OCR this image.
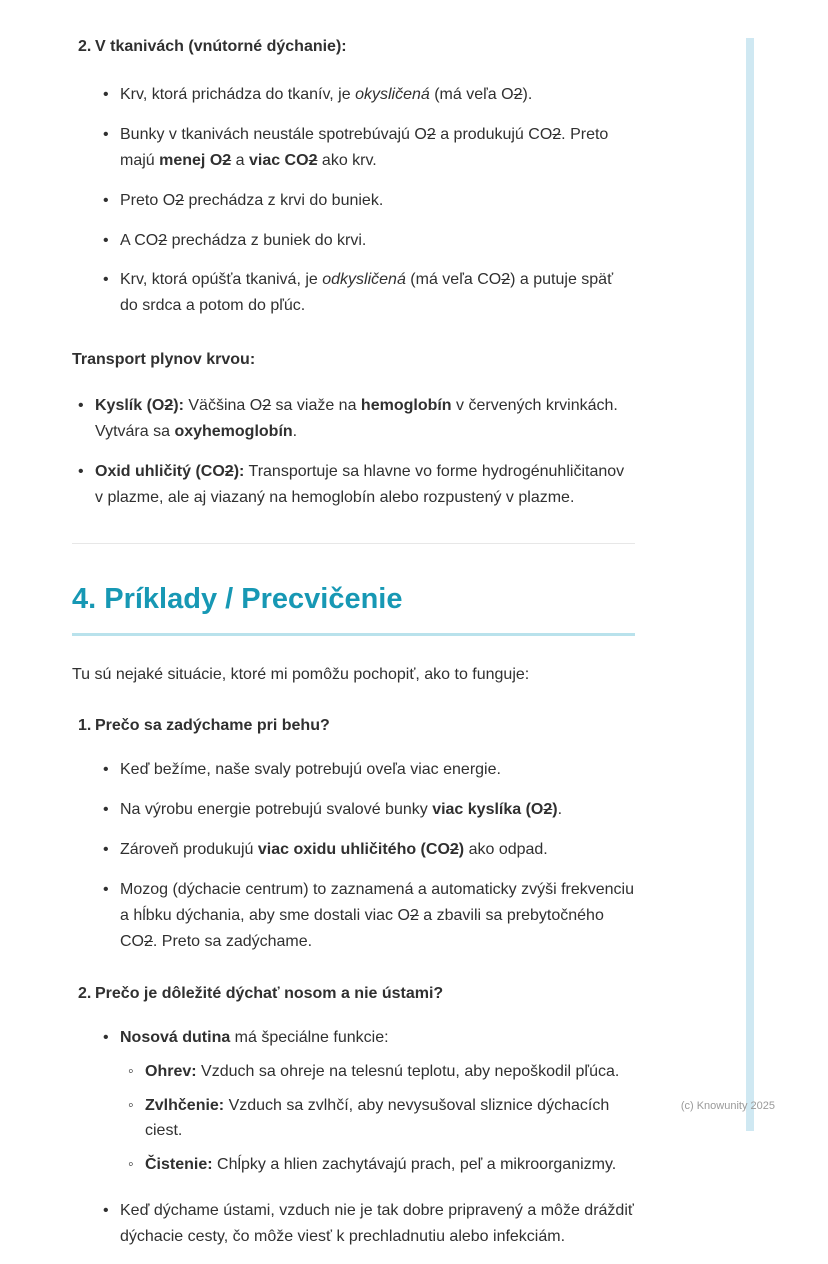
2. V tkanivách (vnútorné dýchanie):
• Krv, ktorá prichádza do tkanív, je okysličená (má veľa O2).
• Bunky v tkanivách neustále spotrebúvajú O2 a produkujú CO2. Preto majú menej O2 a viac CO2 ako krv.
• Preto O2 prechádza z krvi do buniek.
• A CO2 prechádza z buniek do krvi.
• Krv, ktorá opúšťa tkanivá, je odkysličená (má veľa CO2) a putuje späť do srdca a potom do pľúc.

Transport plynov krvou:

• Kyslík (O2): Väčšina O2 sa viaže na hemoglobín v červených krvinkách. Vytvára sa oxyhemoglobín.
• Oxid uhličitý (CO2): Transportuje sa hlavne vo forme hydrogénuhličitanov v plazme, ale aj viazaný na hemoglobín alebo rozpustený v plazme.
4. Príklady / Precvičenie

Tu sú nejaké situácie, ktoré mi pomôžu pochopiť, ako to funguje:

1. Prečo sa zadýchame pri behu?
• Keď bežíme, naše svaly potrebujú oveľa viac energie.
• Na výrobu energie potrebujú svalové bunky viac kyslíka (O2).
• Zároveň produkujú viac oxidu uhličitého (CO2) ako odpad.
• Mozog (dýchacie centrum) to zaznamená a automaticky zvýši frekvenciu a hĺbku dýchania, aby sme dostali viac O2 a zbavili sa prebytočného CO2. Preto sa zadýchame.
2. Prečo je dôležité dýchať nosom a nie ústami?
• Nosová dutina má špeciálne funkcie:
◦ Ohrev: Vzduch sa ohreje na telesnú teplotu, aby nepoškodil pľúca.
◦ Zvlhčenie: Vzduch sa zvlhčí, aby nevysušoval sliznice dýchacích ciest.
◦ Čistenie: Chĺpky a hlien zachytávajú prach, peľ a mikroorganizmy.
• Keď dýchame ústami, vzduch nie je tak dobre pripravený a môže dráždiť dýchacie cesty, čo môže viesť k prechladnutiu alebo infekciám.
(c) Knowunity 2025
